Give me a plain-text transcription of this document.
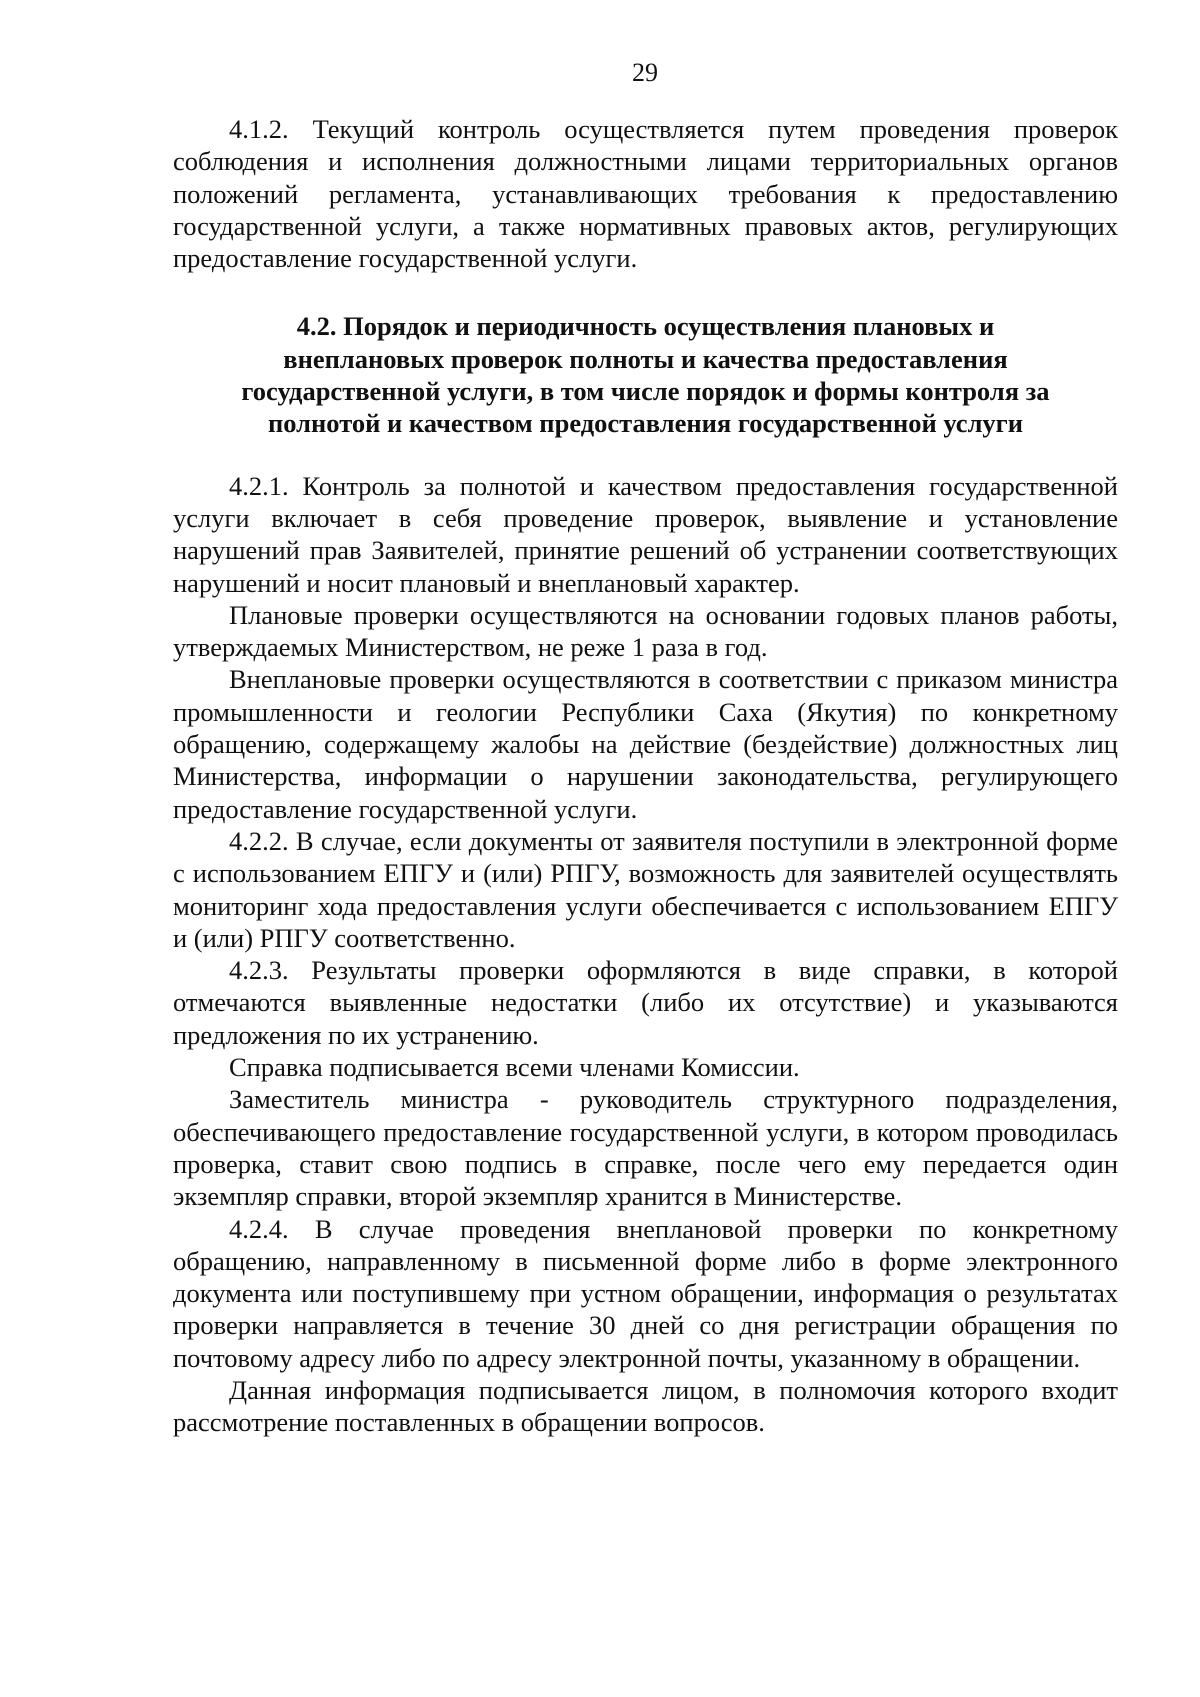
29

4.1.2. Текущий контроль осуществляется путем проведения проверок соблюдения и исполнения должностными лицами территориальных органов положений регламента, устанавливающих требования к предоставлению государственной услуги, а также нормативных правовых актов, регулирующих предоставление государственной услуги.

4.2. Порядок и периодичность осуществления плановых и
внеплановых проверок полноты и качества предоставления
государственной услуги, в том числе порядок и формы контроля за
полнотой и качеством предоставления государственной услуги

4.2.1. Контроль за полнотой и качеством предоставления государственной услуги включает в себя проведение проверок, выявление и установление нарушений прав Заявителей, принятие решений об устранении соответствующих нарушений и носит плановый и внеплановый характер.

Плановые проверки осуществляются на основании годовых планов работы, утверждаемых Министерством, не реже 1 раза в год.

Внеплановые проверки осуществляются в соответствии с приказом министра промышленности и геологии Республики Саха (Якутия) по конкретному обращению, содержащему жалобы на действие (бездействие) должностных лиц Министерства, информации о нарушении законодательства, регулирующего предоставление государственной услуги.

4.2.2. В случае, если документы от заявителя поступили в электронной форме с использованием ЕПГУ и (или) РПГУ, возможность для заявителей осуществлять мониторинг хода предоставления услуги обеспечивается с использованием ЕПГУ и (или) РПГУ соответственно.

4.2.3. Результаты проверки оформляются в виде справки, в которой отмечаются выявленные недостатки (либо их отсутствие) и указываются предложения по их устранению.

Справка подписывается всеми членами Комиссии.

Заместитель министра - руководитель структурного подразделения, обеспечивающего предоставление государственной услуги, в котором проводилась проверка, ставит свою подпись в справке, после чего ему передается один экземпляр справки, второй экземпляр хранится в Министерстве.

4.2.4. В случае проведения внеплановой проверки по конкретному обращению, направленному в письменной форме либо в форме электронного документа или поступившему при устном обращении, информация о результатах проверки направляется в течение 30 дней со дня регистрации обращения по почтовому адресу либо по адресу электронной почты, указанному в обращении.

Данная информация подписывается лицом, в полномочия которого входит рассмотрение поставленных в обращении вопросов.
